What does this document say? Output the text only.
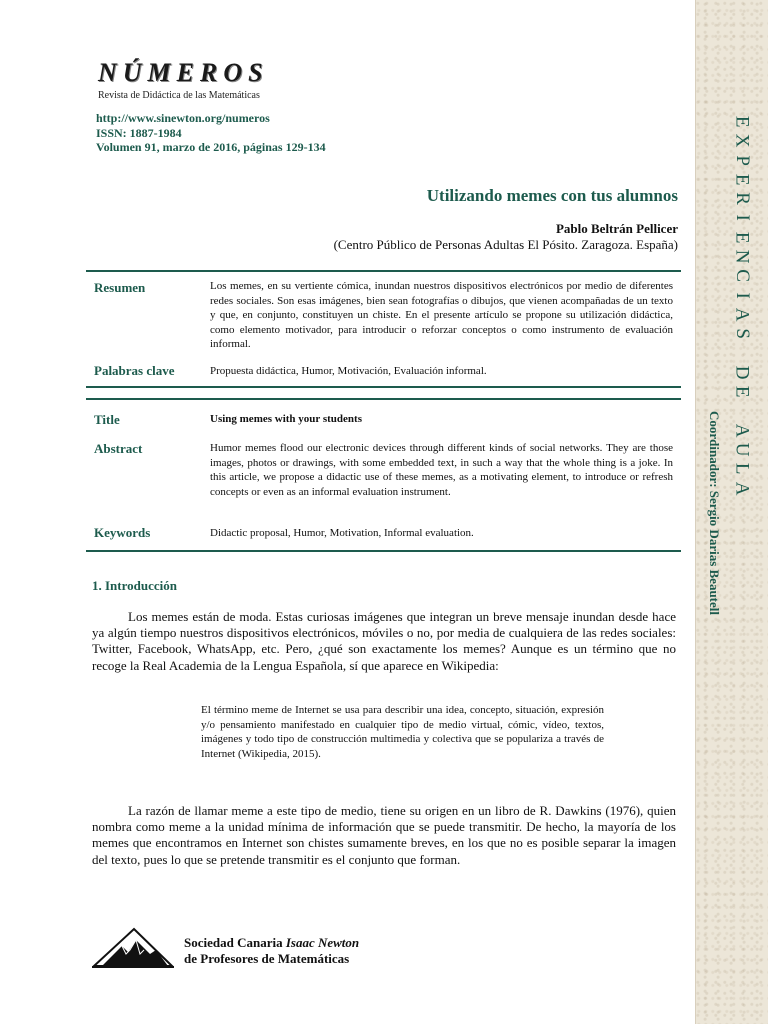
E
X
P
E
R
I
E
N
C
I
A
S
D
E
A
U
L
A
Coordinador: Sergio Darias Beautell
NÚMEROS
Revista de Didáctica de las Matemáticas
http://www.sinewton.org/numeros
ISSN: 1887-1984
Volumen 91, marzo de 2016, páginas 129-134
Utilizando memes con tus alumnos
Pablo Beltrán Pellicer
(Centro Público de Personas Adultas El Pósito. Zaragoza. España)
Resumen	Los memes, en su vertiente cómica, inundan nuestros dispositivos electrónicos por medio de diferentes redes sociales. Son esas imágenes, bien sean fotografías o dibujos, que vienen acompañadas de un texto y que, en conjunto, constituyen un chiste. En el presente artículo se propone su utilización didáctica, como elemento motivador, para introducir o reforzar conceptos o como instrumento de evaluación informal.
Palabras clave	Propuesta didáctica, Humor, Motivación, Evaluación informal.
Title	Using memes with your students
Abstract	Humor memes flood our electronic devices through different kinds of social networks. They are those images, photos or drawings, with some embedded text, in such a way that the whole thing is a joke. In this article, we propose a didactic use of these memes, as a motivating element, to introduce or refresh concepts or even as an informal evaluation instrument.
Keywords	Didactic proposal, Humor, Motivation, Informal evaluation.
1. Introducción
Los memes están de moda. Estas curiosas imágenes que integran un breve mensaje inundan desde hace ya algún tiempo nuestros dispositivos electrónicos, móviles o no, por media de cualquiera de las redes sociales: Twitter, Facebook, WhatsApp, etc. Pero, ¿qué son exactamente los memes? Aunque es un término que no recoge la Real Academia de la Lengua Española, sí que aparece en Wikipedia:
El término meme de Internet se usa para describir una idea, concepto, situación, expresión y/o pensamiento manifestado en cualquier tipo de medio virtual, cómic, vídeo, textos, imágenes y todo tipo de construcción multimedia y colectiva que se popularizа a través de Internet (Wikipedia, 2015).
La razón de llamar meme a este tipo de medio, tiene su origen en un libro de R. Dawkins (1976), quien nombra como meme a la unidad mínima de información que se puede transmitir. De hecho, la mayoría de los memes que encontramos en Internet son chistes sumamente breves, en los que no es posible separar la imagen del texto, pues lo que se pretende transmitir es el conjunto que forman.
Sociedad Canaria Isaac Newton
de Profesores de Matemáticas
